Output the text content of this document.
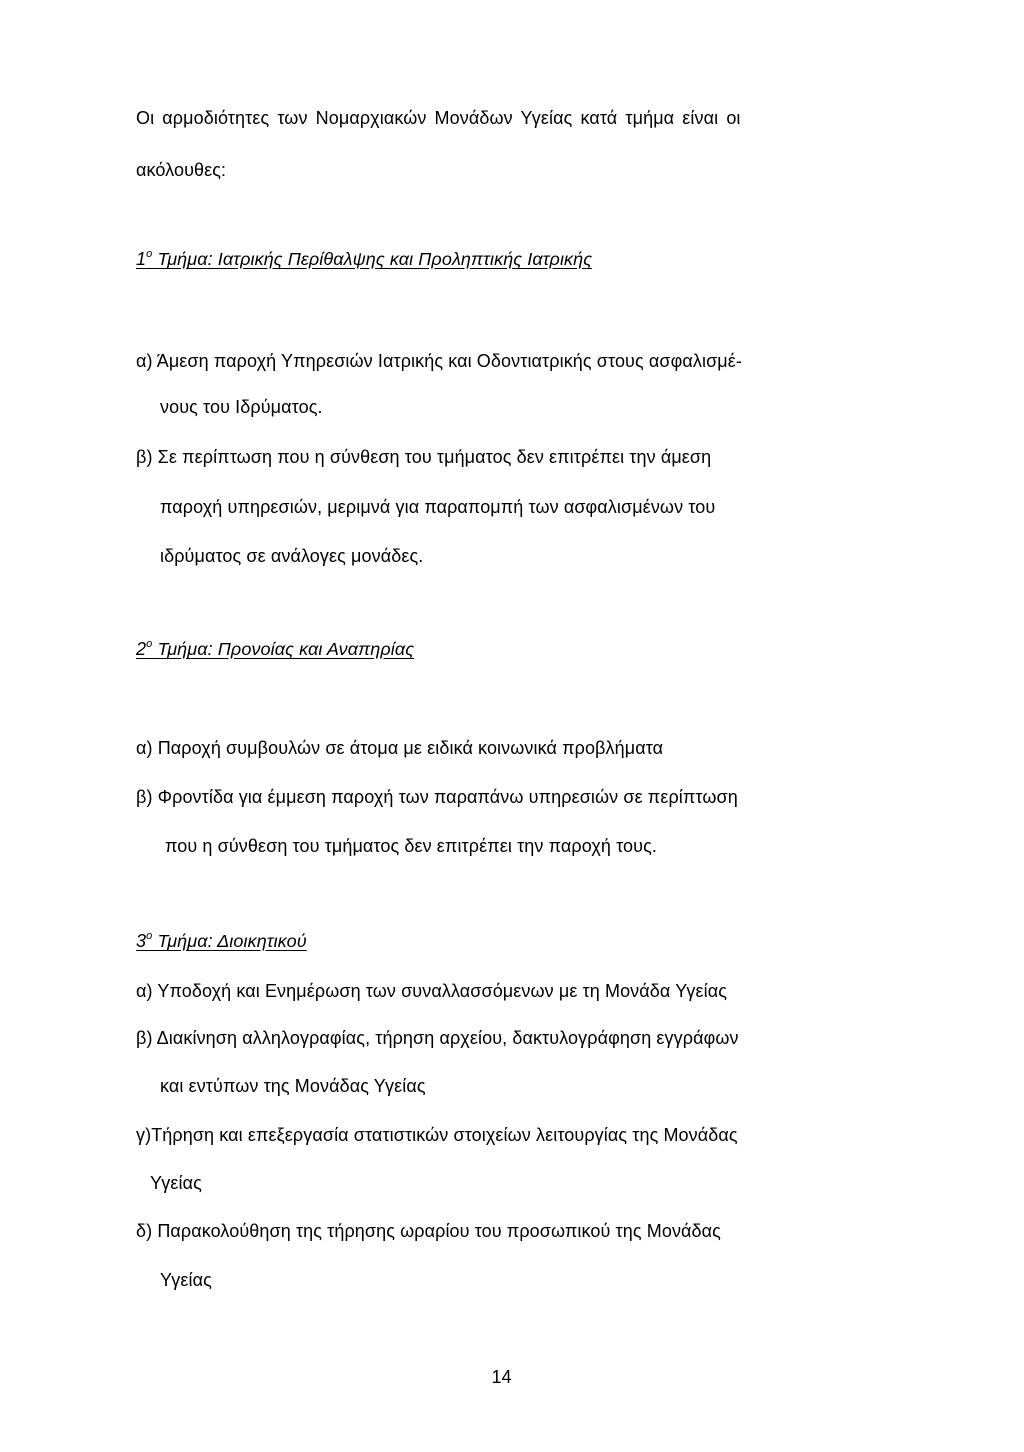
Οι αρμοδιότητες των Νομαρχιακών Μονάδων Υγείας κατά τμήμα είναι οι
ακόλουθες:
$1^o$ Τμήμα: Ιατρικής Περίθαλψης και Προληπτικής Ιατρικής
α) Άμεση παροχή Υπηρεσιών Ιατρικής και Οδοντιατρικής στους ασφαλισμέ-
νους του Ιδρύματος.
β) Σε περίπτωση που η σύνθεση του τμήματος δεν επιτρέπει την άμεση
παροχή υπηρεσιών, μεριμνά για παραπομπή των ασφαλισμένων του
ιδρύματος σε ανάλογες μονάδες.
$2^o$ Τμήμα: Προνοίας και Αναπηρίας
α) Παροχή συμβουλών σε άτομα με ειδικά κοινωνικά προβλήματα
β) Φροντίδα για έμμεση παροχή των παραπάνω υπηρεσιών σε περίπτωση
που η σύνθεση του τμήματος δεν επιτρέπει την παροχή τους.
$3^o$ Τμήμα: Διοικητικού
α) Υποδοχή και Ενημέρωση των συναλλασσόμενων με τη Μονάδα Υγείας
β) Διακίνηση αλληλογραφίας, τήρηση αρχείου, δακτυλογράφηση εγγράφων
και εντύπων της Μονάδας Υγείας
γ)Τήρηση και επεξεργασία στατιστικών στοιχείων λειτουργίας της Μονάδας
Υγείας
δ) Παρακολούθηση της τήρησης ωραρίου του προσωπικού της Μονάδας
Υγείας
14
